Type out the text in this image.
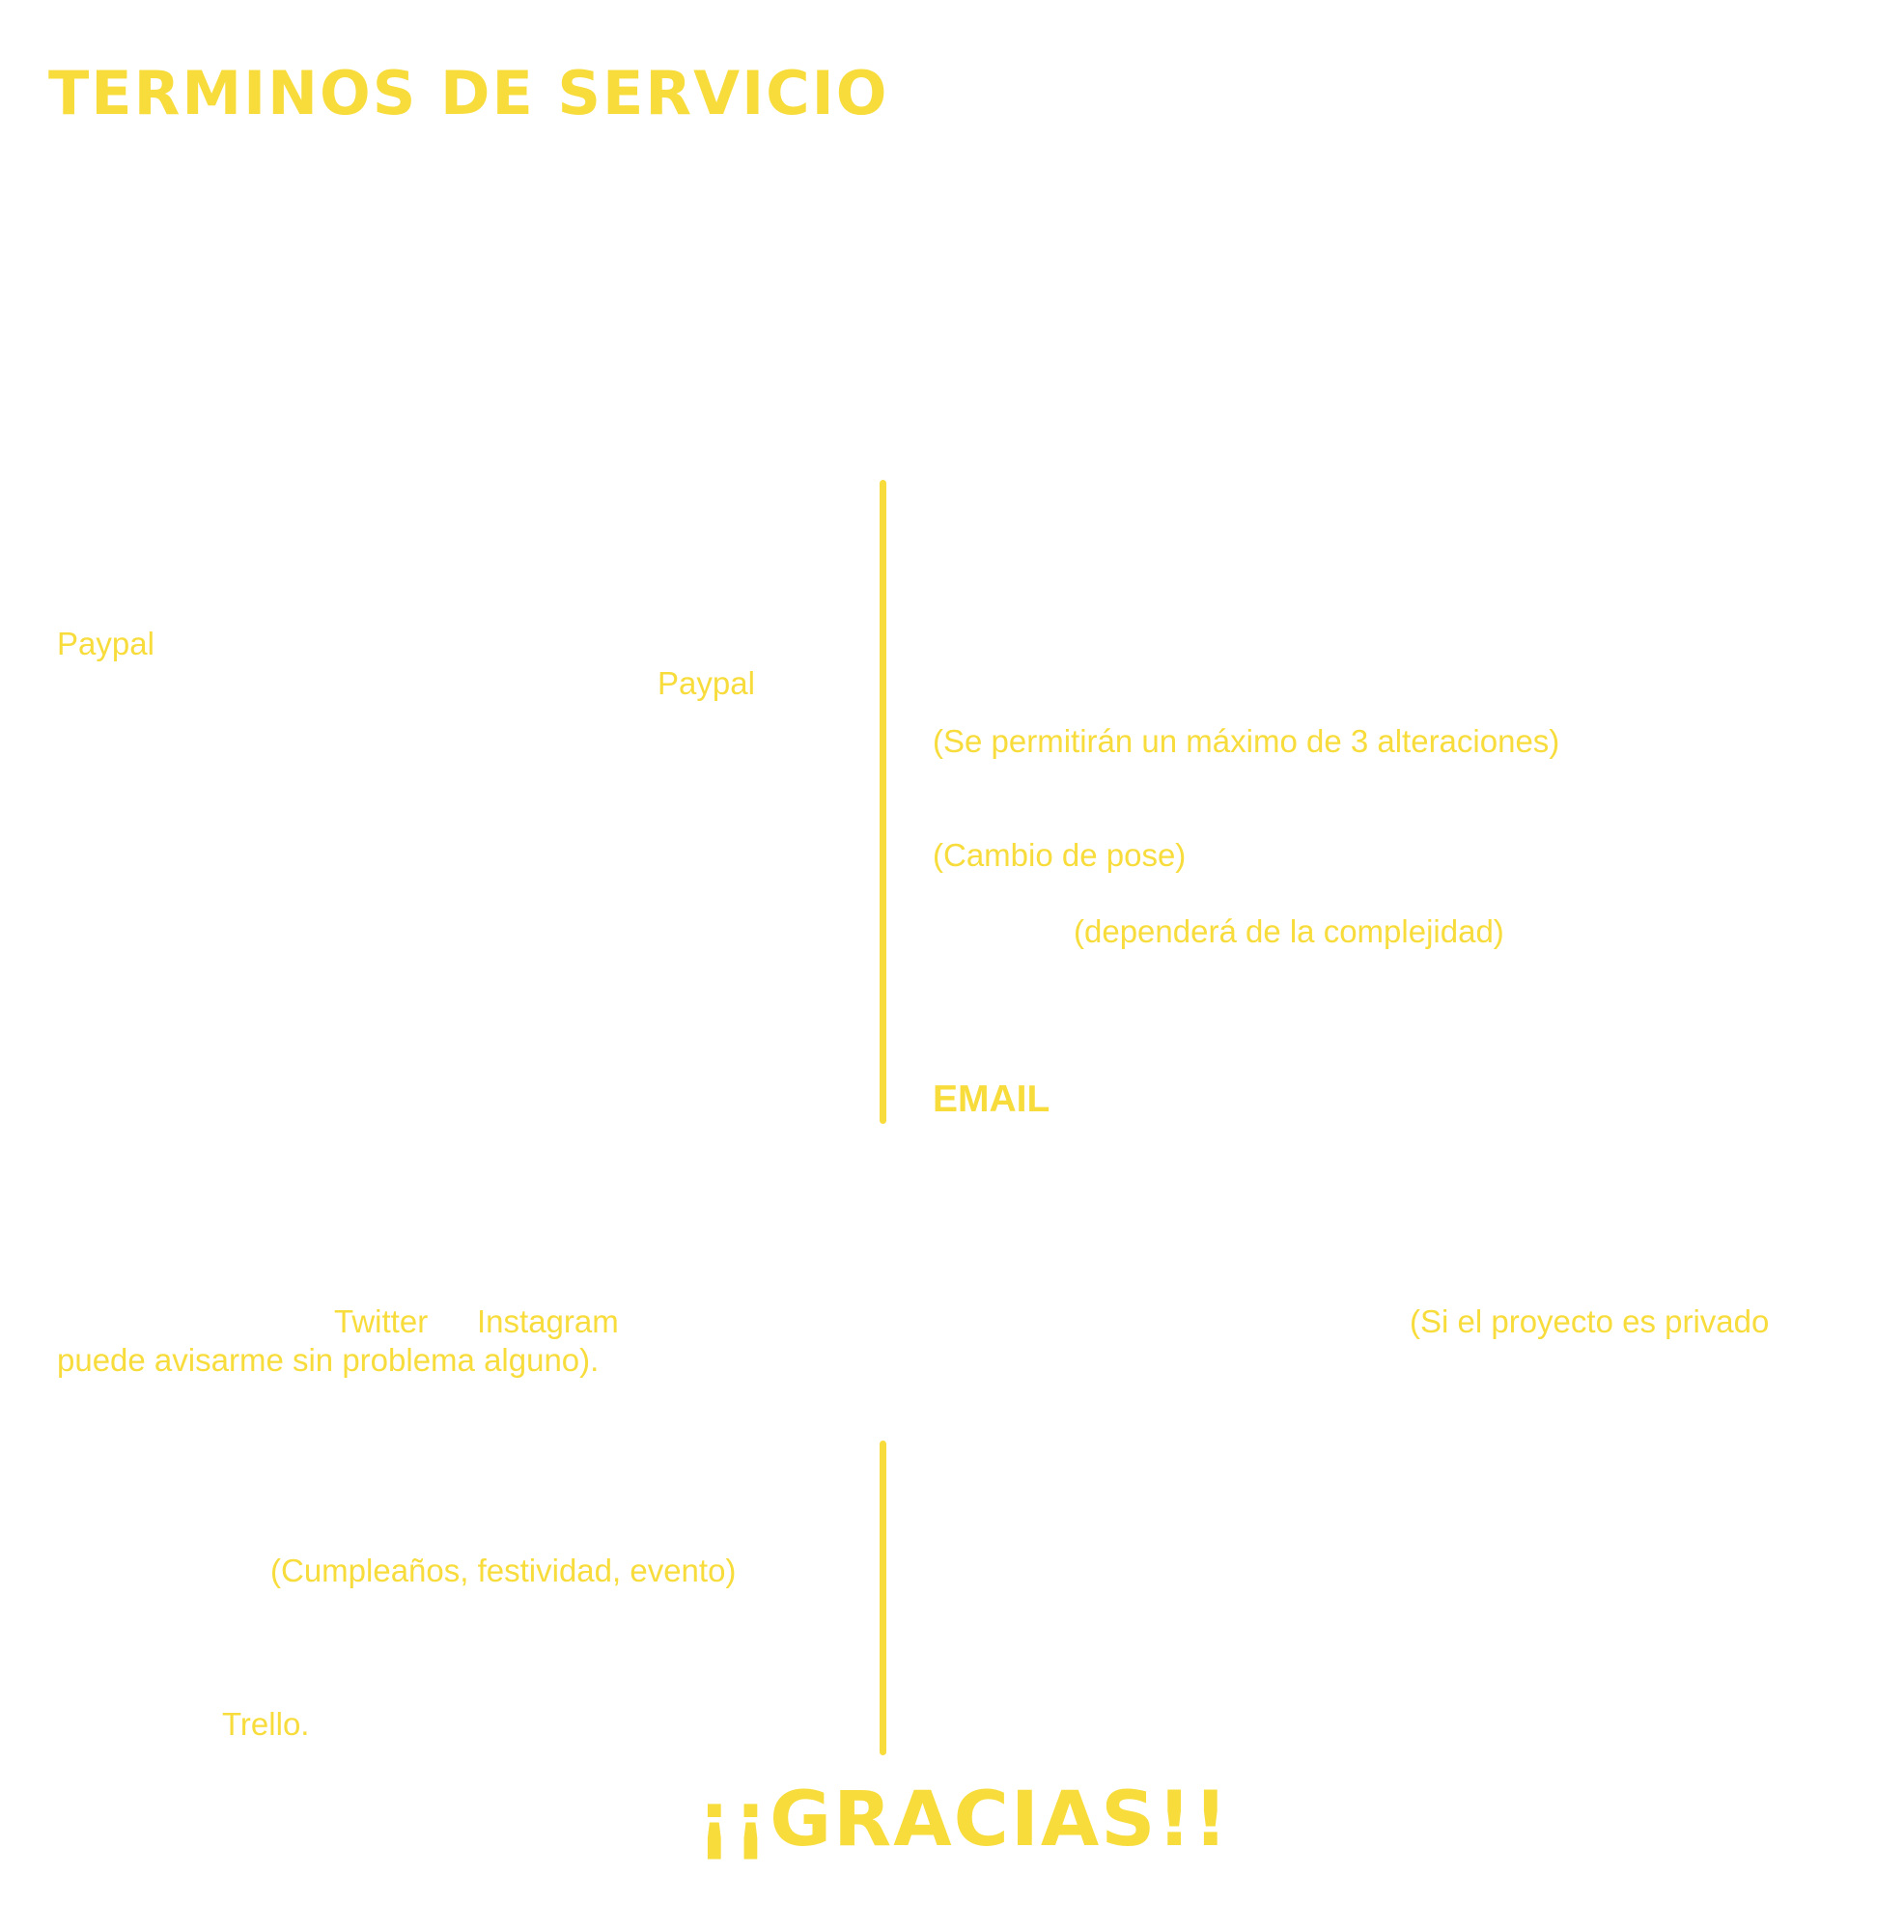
TERMINOS DE SERVICIO
Paypal
Paypal
(Se permitirán un máximo de 3 alteraciones)
(Cambio de pose)
(dependerá de la complejidad)
EMAIL
Twitter Instagram	(Si el proyecto es privado
puede avisarme sin problema alguno).
(Cumpleaños, festividad, evento)
Trello.
¡¡GRACIAS!!
